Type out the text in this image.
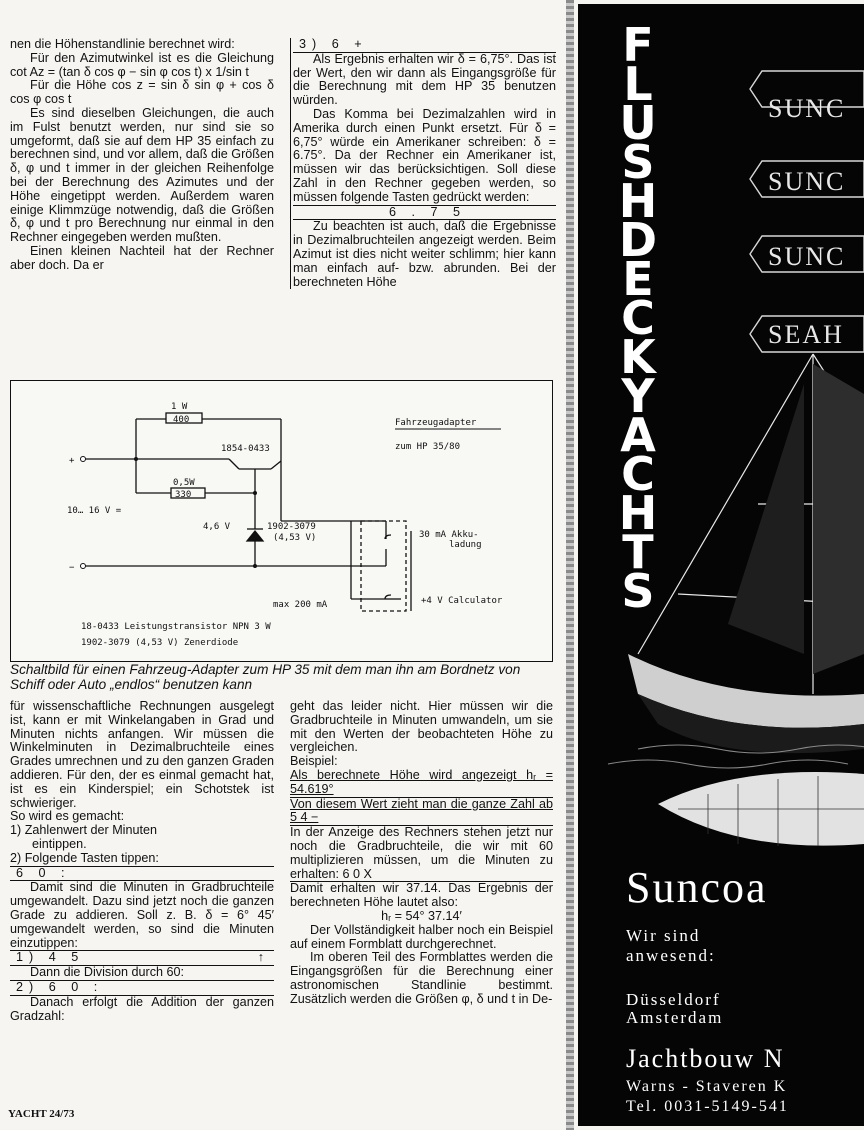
nen die Höhenstandlinie berechnet wird:

Für den Azimutwinkel ist es die Gleichung cot Az = (tan δ cos φ − sin φ cos t) x 1/sin t

Für die Höhe cos z = sin δ sin φ + cos δ cos φ cos t

Es sind dieselben Gleichungen, die auch im Fulst benutzt werden, nur sind sie so umgeformt, daß sie auf dem HP 35 einfach zu berechnen sind, und vor allem, daß die Größen δ, φ und t immer in der gleichen Reihenfolge bei der Berechnung des Azimutes und der Höhe eingetippt werden. Außerdem waren einige Klimmzüge notwendig, daß die Größen δ, φ und t pro Berechnung nur einmal in den Rechner eingegeben werden mußten.

Einen kleinen Nachteil hat der Rechner aber doch. Da er

3) 6 +

Als Ergebnis erhalten wir δ = 6,75°. Das ist der Wert, den wir dann als Eingangsgröße für die Berechnung mit dem HP 35 benutzen würden.

Das Komma bei Dezimalzahlen wird in Amerika durch einen Punkt ersetzt. Für δ = 6,75° würde ein Amerikaner schreiben: δ = 6.75°. Da der Rechner ein Amerikaner ist, müssen wir das berücksichtigen. Soll diese Zahl in den Rechner gegeben werden, so müssen folgende Tasten gedrückt werden:

6 . 7 5

Zu beachten ist auch, daß die Ergebnisse in Dezimalbruchteilen angezeigt werden. Beim Azimut ist dies nicht weiter schlimm; hier kann man einfach auf- bzw. abrunden. Bei der berechneten Höhe

1 W
400
1854-0433
0,5W
330
+
−
10… 16 V =
4,6 V	1902-3079
(4,53 V)
Fahrzeugadapter
zum HP 35/80
30 mA Akku-
ladung
+4 V Calculator
max 200 mA
18-0433 Leistungstransistor NPN 3 W
1902-3079 (4,53 V) Zenerdiode
Schaltbild für einen Fahrzeug-Adapter zum HP 35 mit dem man ihn am Bordnetz von Schiff oder Auto „endlos“ benutzen kann

für wissenschaftliche Rechnungen ausgelegt ist, kann er mit Winkelangaben in Grad und Minuten nichts anfangen. Wir müssen die Winkelminuten in Dezimalbruchteile eines Grades umrechnen und zu den ganzen Graden addieren. Für den, der es einmal gemacht hat, ist es ein Kinderspiel; ein Schotstek ist schwieriger.

So wird es gemacht:

1) Zahlenwert der Minuten

eintippen.

2) Folgende Tasten tippen:

6 0 :

Damit sind die Minuten in Gradbruchteile umgewandelt. Dazu sind jetzt noch die ganzen Grade zu addieren. Soll z. B. δ = 6° 45′ umgewandelt werden, so sind die Minuten einzutippen:

1) 4 5	↑

Dann die Division durch 60:

2) 6 0 :

Danach erfolgt die Addition der ganzen Gradzahl:

geht das leider nicht. Hier müssen wir die Gradbruchteile in Minuten umwandeln, um sie mit den Werten der beobachteten Höhe zu vergleichen.

Beispiel:

Als berechnete Höhe wird angezeigt hᵣ = 54.619°

Von diesem Wert zieht man die ganze Zahl ab 5 4 −

In der Anzeige des Rechners stehen jetzt nur noch die Gradbruchteile, die wir mit 60 multiplizieren müssen, um die Minuten zu erhalten: 6 0 X

Damit erhalten wir 37.14. Das Ergebnis der berechneten Höhe lautet also:

hᵣ = 54° 37.14′

Der Vollständigkeit halber noch ein Beispiel auf einem Formblatt durchgerechnet.

Im oberen Teil des Formblattes werden die Eingangsgrößen für die Berechnung einer astronomischen Standlinie bestimmt. Zusätzlich werden die Größen φ, δ und t in De-

YACHT 24/73
FLUSHDECK YACHTS
SUNC
SUNC
SUNC
SEAH
Suncoa
Wir sind
anwesend:
Düsseldorf
Amsterdam
Jachtbouw N
Warns - Staveren K
Tel. 0031-5149-541
